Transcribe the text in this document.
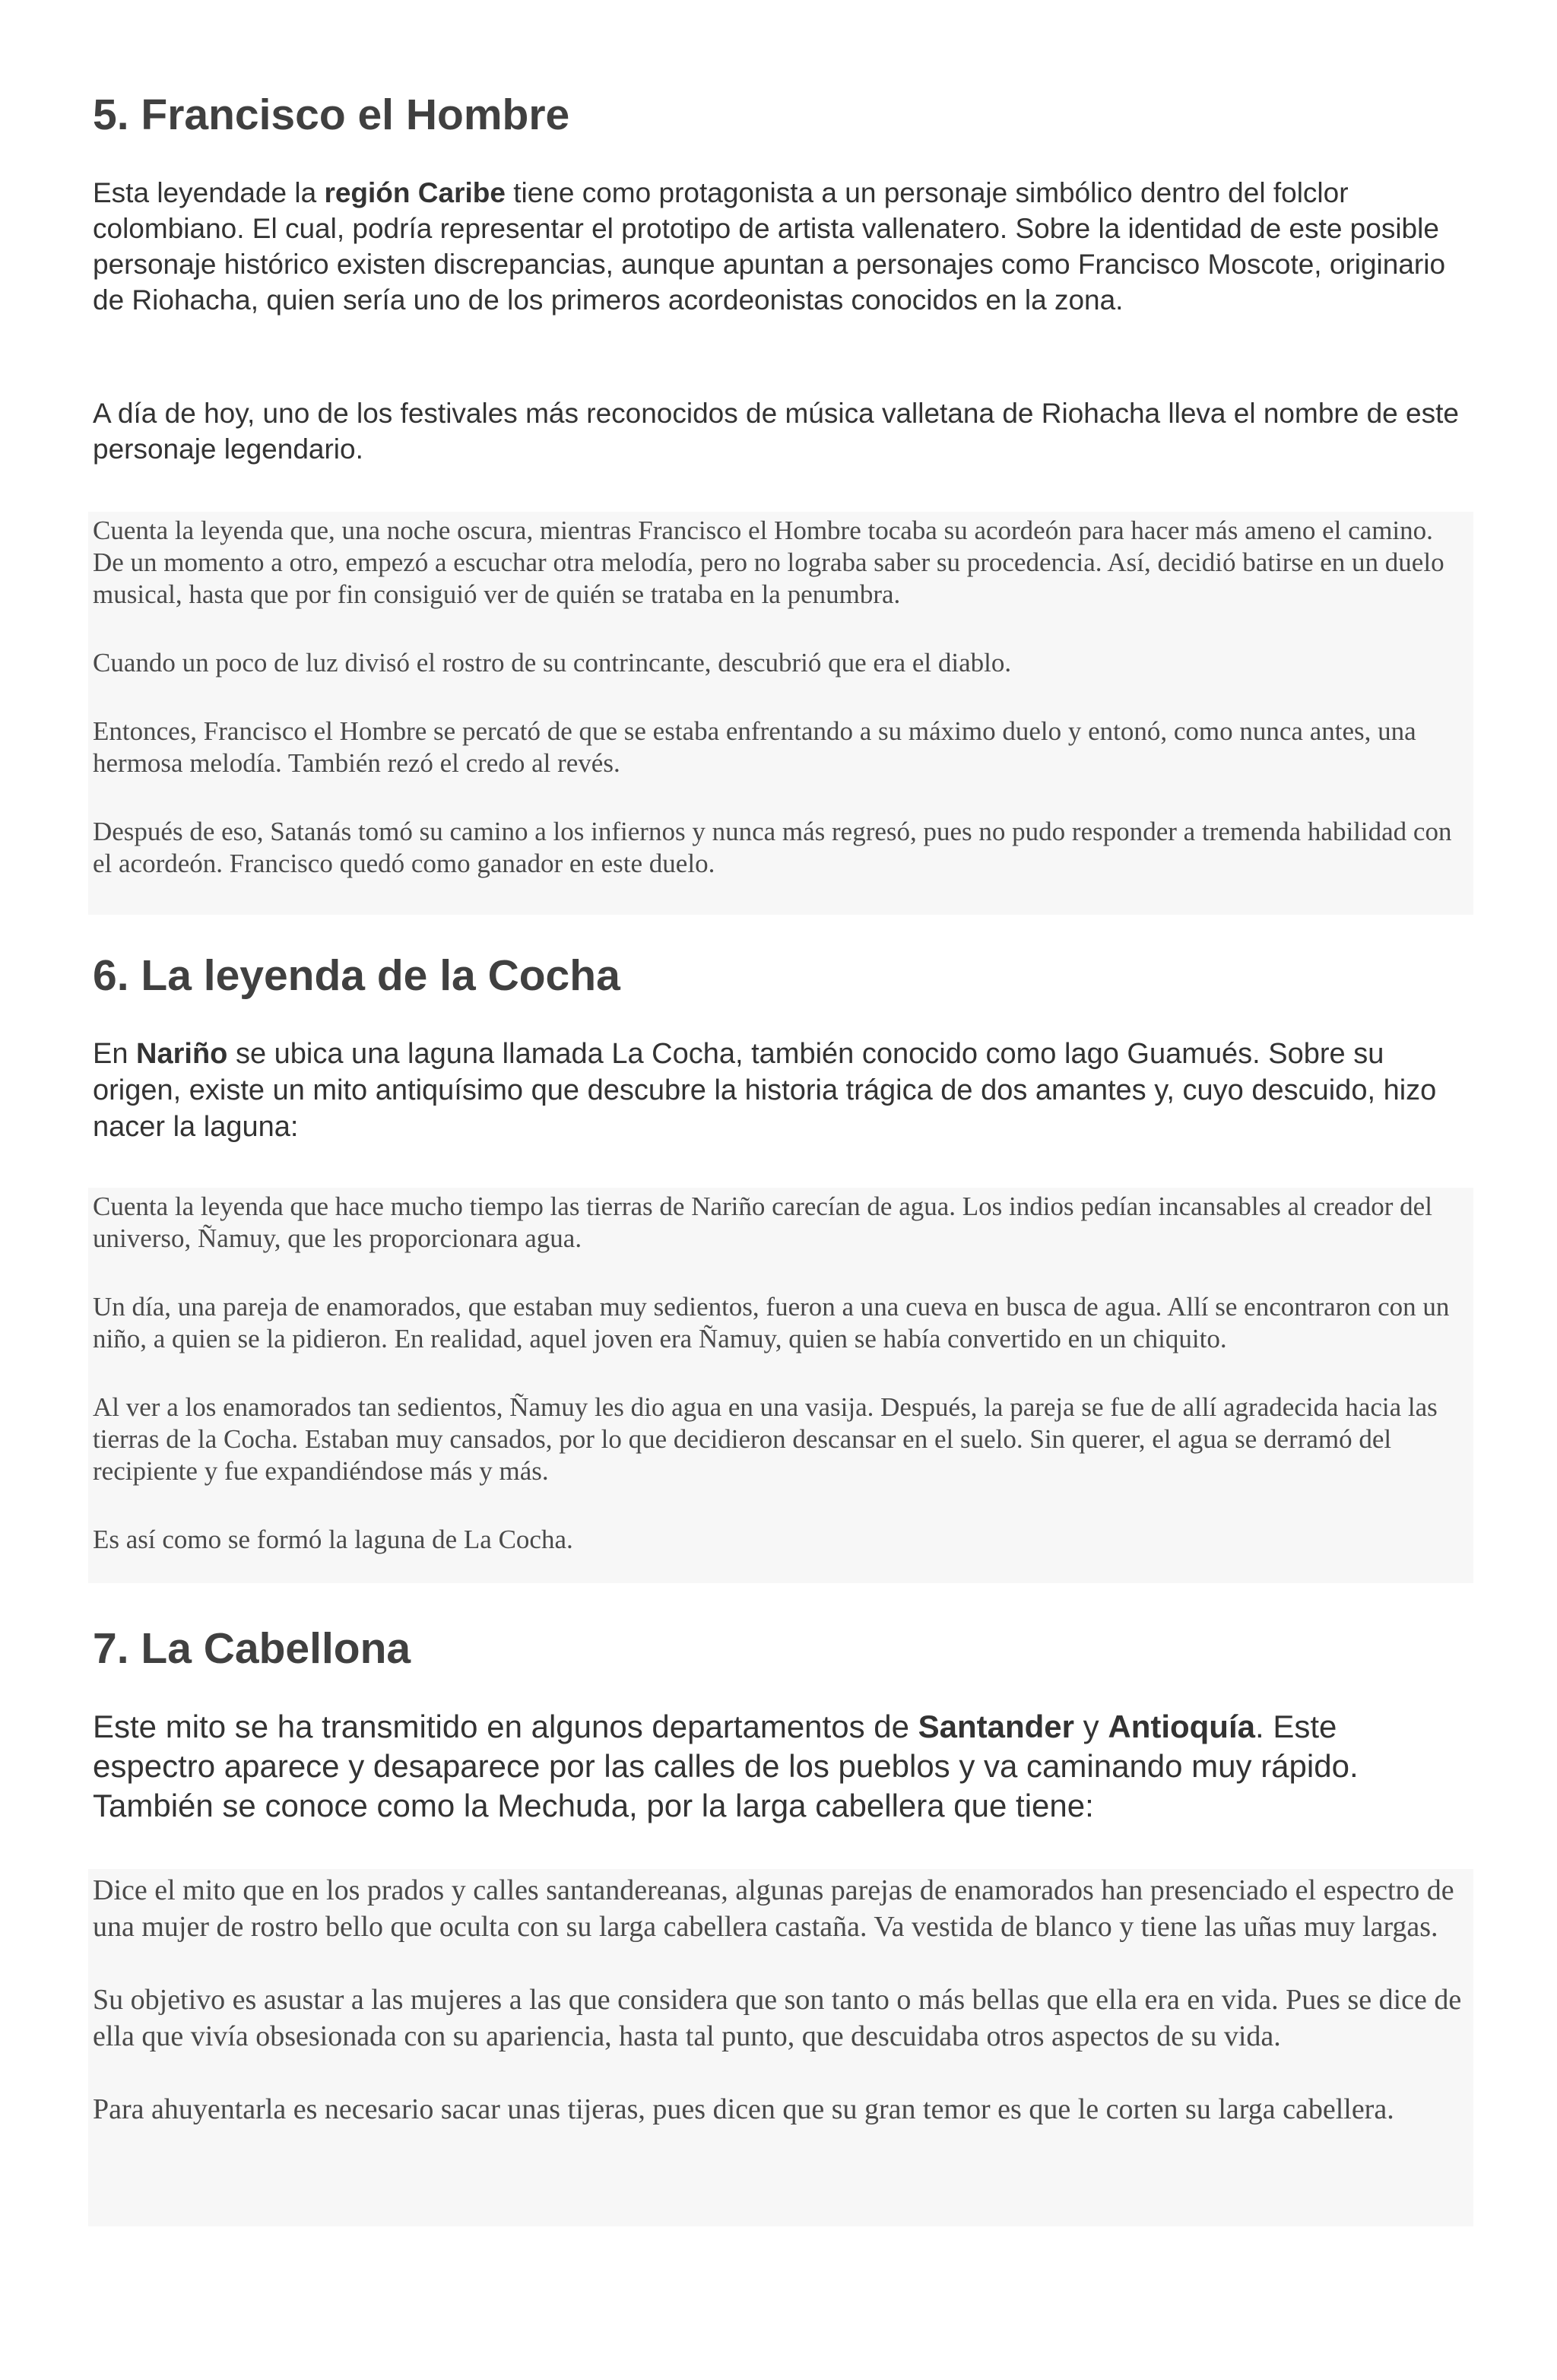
5. Francisco el Hombre

Esta leyendade la región Caribe tiene como protagonista a un personaje simbólico dentro del folclor colombiano. El cual, podría representar el prototipo de artista vallenatero. Sobre la identidad de este posible personaje histórico existen discrepancias, aunque apuntan a personajes como Francisco Moscote, originario de Riohacha, quien sería uno de los primeros acordeonistas conocidos en la zona.

A día de hoy, uno de los festivales más reconocidos de música valletana de Riohacha lleva el nombre de este personaje legendario.

Cuenta la leyenda que, una noche oscura, mientras Francisco el Hombre tocaba su acordeón para hacer más ameno el camino. De un momento a otro, empezó a escuchar otra melodía, pero no lograba saber su procedencia. Así, decidió batirse en un duelo musical, hasta que por fin consiguió ver de quién se trataba en la penumbra.

Cuando un poco de luz divisó el rostro de su contrincante, descubrió que era el diablo.

Entonces, Francisco el Hombre se percató de que se estaba enfrentando a su máximo duelo y entonó, como nunca antes, una hermosa melodía. También rezó el credo al revés.

Después de eso, Satanás tomó su camino a los infiernos y nunca más regresó, pues no pudo responder a tremenda habilidad con el acordeón. Francisco quedó como ganador en este duelo.

6. La leyenda de la Cocha

En Nariño se ubica una laguna llamada La Cocha, también conocido como lago Guamués. Sobre su origen, existe un mito antiquísimo que descubre la historia trágica de dos amantes y, cuyo descuido, hizo nacer la laguna:

Cuenta la leyenda que hace mucho tiempo las tierras de Nariño carecían de agua. Los indios pedían incansables al creador del universo, Ñamuy, que les proporcionara agua.

Un día, una pareja de enamorados, que estaban muy sedientos, fueron a una cueva en busca de agua. Allí se encontraron con un niño, a quien se la pidieron. En realidad, aquel joven era Ñamuy, quien se había convertido en un chiquito.

Al ver a los enamorados tan sedientos, Ñamuy les dio agua en una vasija. Después, la pareja se fue de allí agradecida hacia las tierras de la Cocha. Estaban muy cansados, por lo que decidieron descansar en el suelo. Sin querer, el agua se derramó del recipiente y fue expandiéndose más y más.

Es así como se formó la laguna de La Cocha.

7. La Cabellona

Este mito se ha transmitido en algunos departamentos de Santander y Antioquía. Este espectro aparece y desaparece por las calles de los pueblos y va caminando muy rápido. También se conoce como la Mechuda, por la larga cabellera que tiene:

Dice el mito que en los prados y calles santandereanas, algunas parejas de enamorados han presenciado el espectro de una mujer de rostro bello que oculta con su larga cabellera castaña. Va vestida de blanco y tiene las uñas muy largas.

Su objetivo es asustar a las mujeres a las que considera que son tanto o más bellas que ella era en vida. Pues se dice de ella que vivía obsesionada con su apariencia, hasta tal punto, que descuidaba otros aspectos de su vida.

Para ahuyentarla es necesario sacar unas tijeras, pues dicen que su gran temor es que le corten su larga cabellera.
